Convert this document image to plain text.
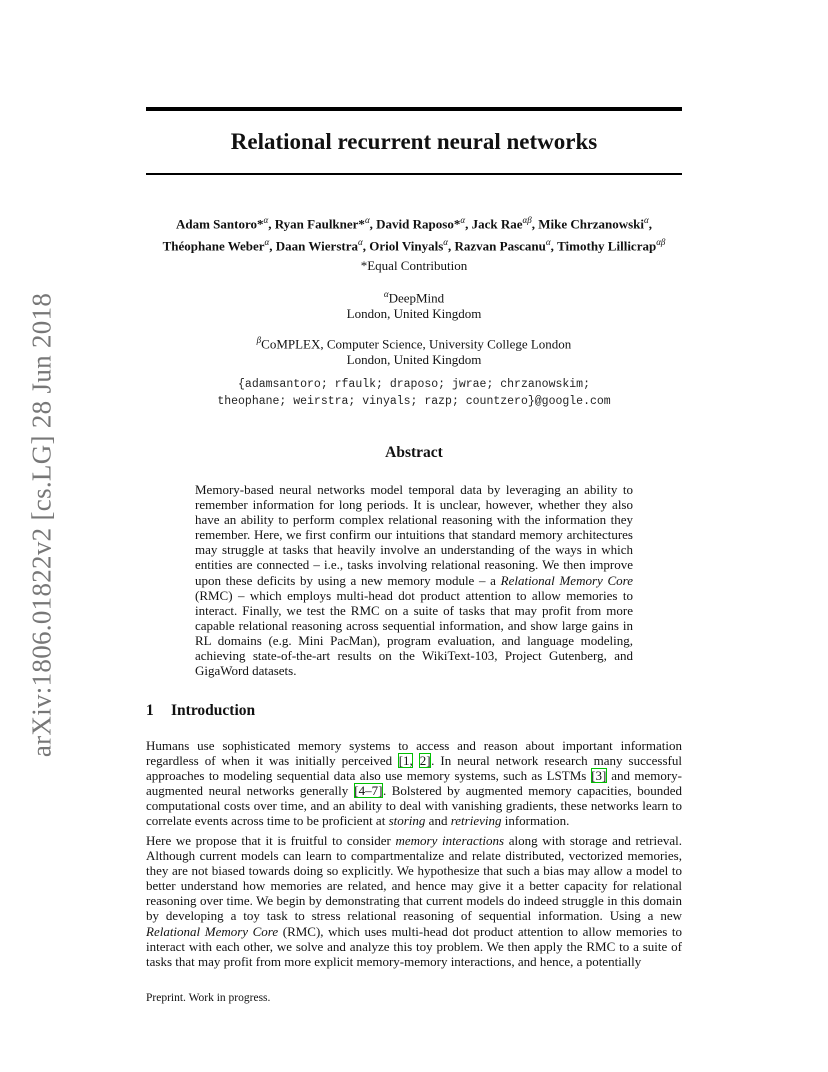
arXiv:1806.01822v2 [cs.LG] 28 Jun 2018
Relational recurrent neural networks
Adam Santoro*$^\alpha$, Ryan Faulkner*$^\alpha$, David Raposo*$^\alpha$, Jack Rae$^{\alpha\beta}$, Mike Chrzanowski$^\alpha$,
Théophane Weber$^\alpha$, Daan Wierstra$^\alpha$, Oriol Vinyals$^\alpha$, Razvan Pascanu$^\alpha$, Timothy Lillicrap$^{\alpha\beta}$
*Equal Contribution
$^\alpha$DeepMind
London, United Kingdom
$^\beta$CoMPLEX, Computer Science, University College London
London, United Kingdom
{adamsantoro; rfaulk; draposo; jwrae; chrzanowskim;
theophane; weirstra; vinyals; razp; countzero}@google.com
Abstract
Memory-based neural networks model temporal data by leveraging an ability to remember information for long periods. It is unclear, however, whether they also have an ability to perform complex relational reasoning with the information they remember. Here, we first confirm our intuitions that standard memory architectures may struggle at tasks that heavily involve an understanding of the ways in which entities are connected – i.e., tasks involving relational reasoning. We then improve upon these deficits by using a new memory module – a Relational Memory Core (RMC) – which employs multi-head dot product attention to allow memories to interact. Finally, we test the RMC on a suite of tasks that may profit from more capable relational reasoning across sequential information, and show large gains in RL domains (e.g. Mini PacMan), program evaluation, and language modeling, achieving state-of-the-art results on the WikiText-103, Project Gutenberg, and GigaWord datasets.
1 Introduction

Humans use sophisticated memory systems to access and reason about important information regardless of when it was initially perceived [1, 2]. In neural network research many successful approaches to modeling sequential data also use memory systems, such as LSTMs [3] and memory-augmented neural networks generally [4–7]. Bolstered by augmented memory capacities, bounded computational costs over time, and an ability to deal with vanishing gradients, these networks learn to correlate events across time to be proficient at storing and retrieving information.

Here we propose that it is fruitful to consider memory interactions along with storage and retrieval. Although current models can learn to compartmentalize and relate distributed, vectorized memories, they are not biased towards doing so explicitly. We hypothesize that such a bias may allow a model to better understand how memories are related, and hence may give it a better capacity for relational reasoning over time. We begin by demonstrating that current models do indeed struggle in this domain by developing a toy task to stress relational reasoning of sequential information. Using a new Relational Memory Core (RMC), which uses multi-head dot product attention to allow memories to interact with each other, we solve and analyze this toy problem. We then apply the RMC to a suite of tasks that may profit from more explicit memory-memory interactions, and hence, a potentially

Preprint. Work in progress.
